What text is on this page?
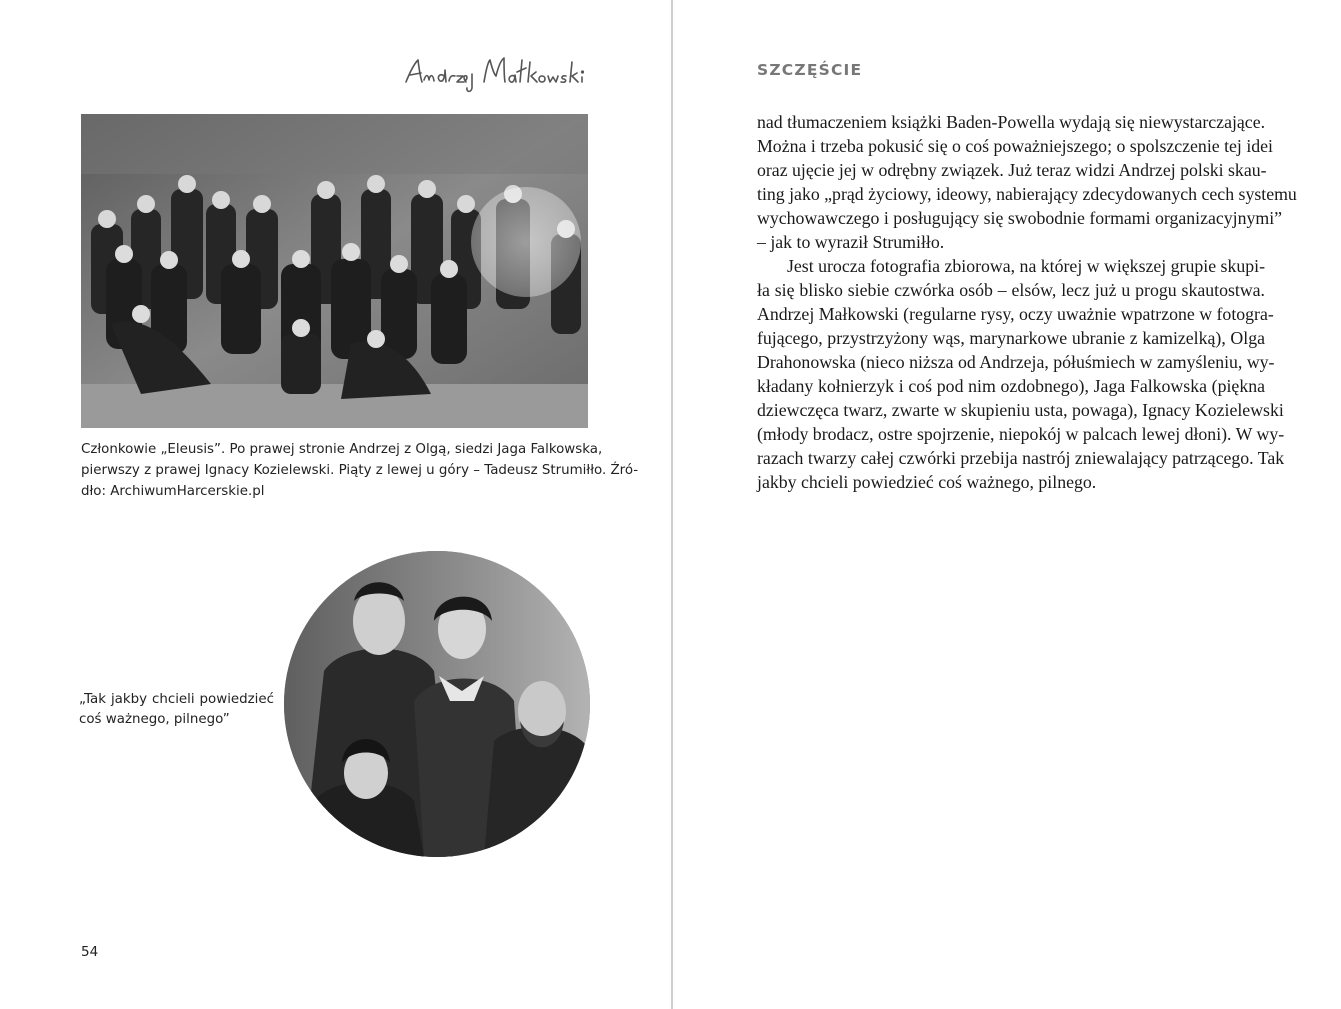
Członkowie „Eleusis”. Po prawej stronie Andrzej z Olgą, siedzi Jaga Falkowska,
pierwszy z prawej Ignacy Kozielewski. Piąty z lewej u góry – Tadeusz Strumiłło. Źró-
dło: ArchiwumHarcerskie.pl
„Tak jakby chcieli powiedzieć
coś ważnego, pilnego”
54
SZCZĘŚCIE
nad tłumaczeniem książki Baden-Powella wydają się niewystarczające.
Można i trzeba pokusić się o coś poważniejszego; o spolszczenie tej idei
oraz ujęcie jej w odrębny związek. Już teraz widzi Andrzej polski skau-
ting jako „prąd życiowy, ideowy, nabierający zdecydowanych cech systemu
wychowawczego i posługujący się swobodnie formami organizacyjnymi”
– jak to wyraził Strumiłło.
Jest urocza fotografia zbiorowa, na której w większej grupie skupi-
ła się blisko siebie czwórka osób – elsów, lecz już u progu skautostwa.
Andrzej Małkowski (regularne rysy, oczy uważnie wpatrzone w fotogra-
fującego, przystrzyżony wąs, marynarkowe ubranie z kamizelką), Olga
Drahonowska (nieco niższa od Andrzeja, półuśmiech w zamyśleniu, wy-
kładany kołnierzyk i coś pod nim ozdobnego), Jaga Falkowska (piękna
dziewczęca twarz, zwarte w skupieniu usta, powaga), Ignacy Kozielewski
(młody brodacz, ostre spojrzenie, niepokój w palcach lewej dłoni). W wy-
razach twarzy całej czwórki przebija nastrój zniewalający patrzącego. Tak
jakby chcieli powiedzieć coś ważnego, pilnego.
